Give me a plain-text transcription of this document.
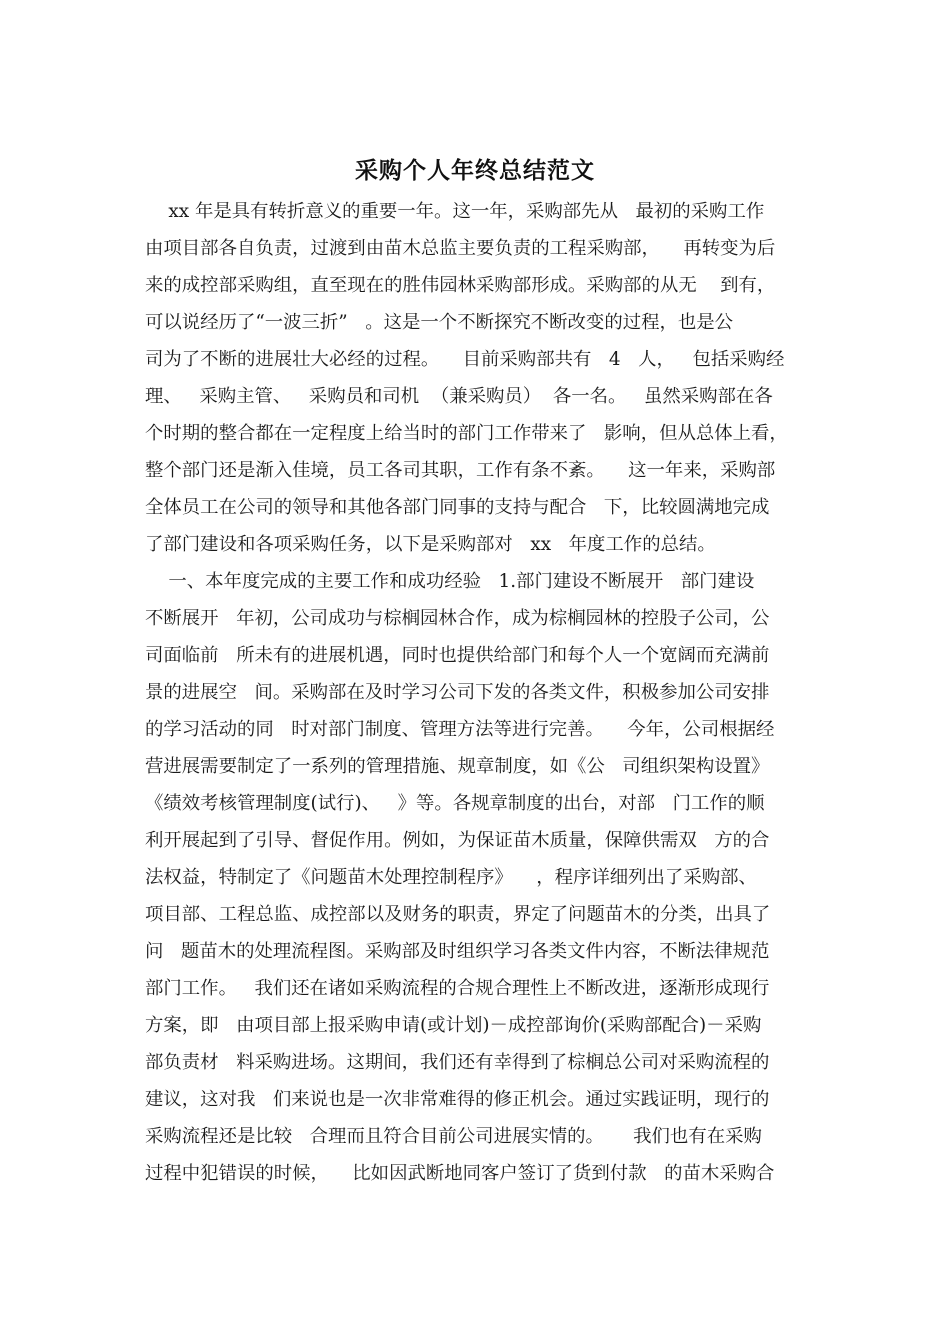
采购个人年终总结范文
xx 年是具有转折意义的重要一年。这一年，采购部先从   最初的采购工作
由项目部各自负责，过渡到由苗木总监主要负责的工程采购部，    再转变为后
来的成控部采购组，直至现在的胜伟园林采购部形成。采购部的从无    到有，
可以说经历了“一波三折”   。这是一个不断探究不断改变的过程，也是公
司为了不断的进展壮大必经的过程。    目前采购部共有   4   人，   包括采购经
理、   采购主管、   采购员和司机  （兼采购员）  各一名。   虽然采购部在各
个时期的整合都在一定程度上给当时的部门工作带来了   影响，但从总体上看，
整个部门还是渐入佳境，员工各司其职，工作有条不紊。    这一年来，采购部
全体员工在公司的领导和其他各部门同事的支持与配合   下，比较圆满地完成
了部门建设和各项采购任务，以下是采购部对   xx   年度工作的总结。
一、本年度完成的主要工作和成功经验   1.部门建设不断展开   部门建设
不断展开   年初，公司成功与棕榈园林合作，成为棕榈园林的控股子公司，公
司面临前   所未有的进展机遇，同时也提供给部门和每个人一个宽阔而充满前
景的进展空   间。采购部在及时学习公司下发的各类文件，积极参加公司安排
的学习活动的同   时对部门制度、管理方法等进行完善。    今年，公司根据经
营进展需要制定了一系列的管理措施、规章制度，如《公   司组织架构设置》
《绩效考核管理制度(试行)、   》等。各规章制度的出台，对部   门工作的顺
利开展起到了引导、督促作用。例如，为保证苗木质量，保障供需双   方的合
法权益，特制定了《问题苗木处理控制程序》    ，程序详细列出了采购部、
项目部、工程总监、成控部以及财务的职责，界定了问题苗木的分类，出具了
问   题苗木的处理流程图。采购部及时组织学习各类文件内容，不断法律规范
部门工作。   我们还在诸如采购流程的合规合理性上不断改进，逐渐形成现行
方案，即   由项目部上报采购申请(或计划)－成控部询价(采购部配合)－采购
部负责材   料采购进场。这期间，我们还有幸得到了棕榈总公司对采购流程的
建议，这对我   们来说也是一次非常难得的修正机会。通过实践证明，现行的
采购流程还是比较   合理而且符合目前公司进展实情的。     我们也有在采购
过程中犯错误的时候，    比如因武断地同客户签订了货到付款   的苗木采购合
